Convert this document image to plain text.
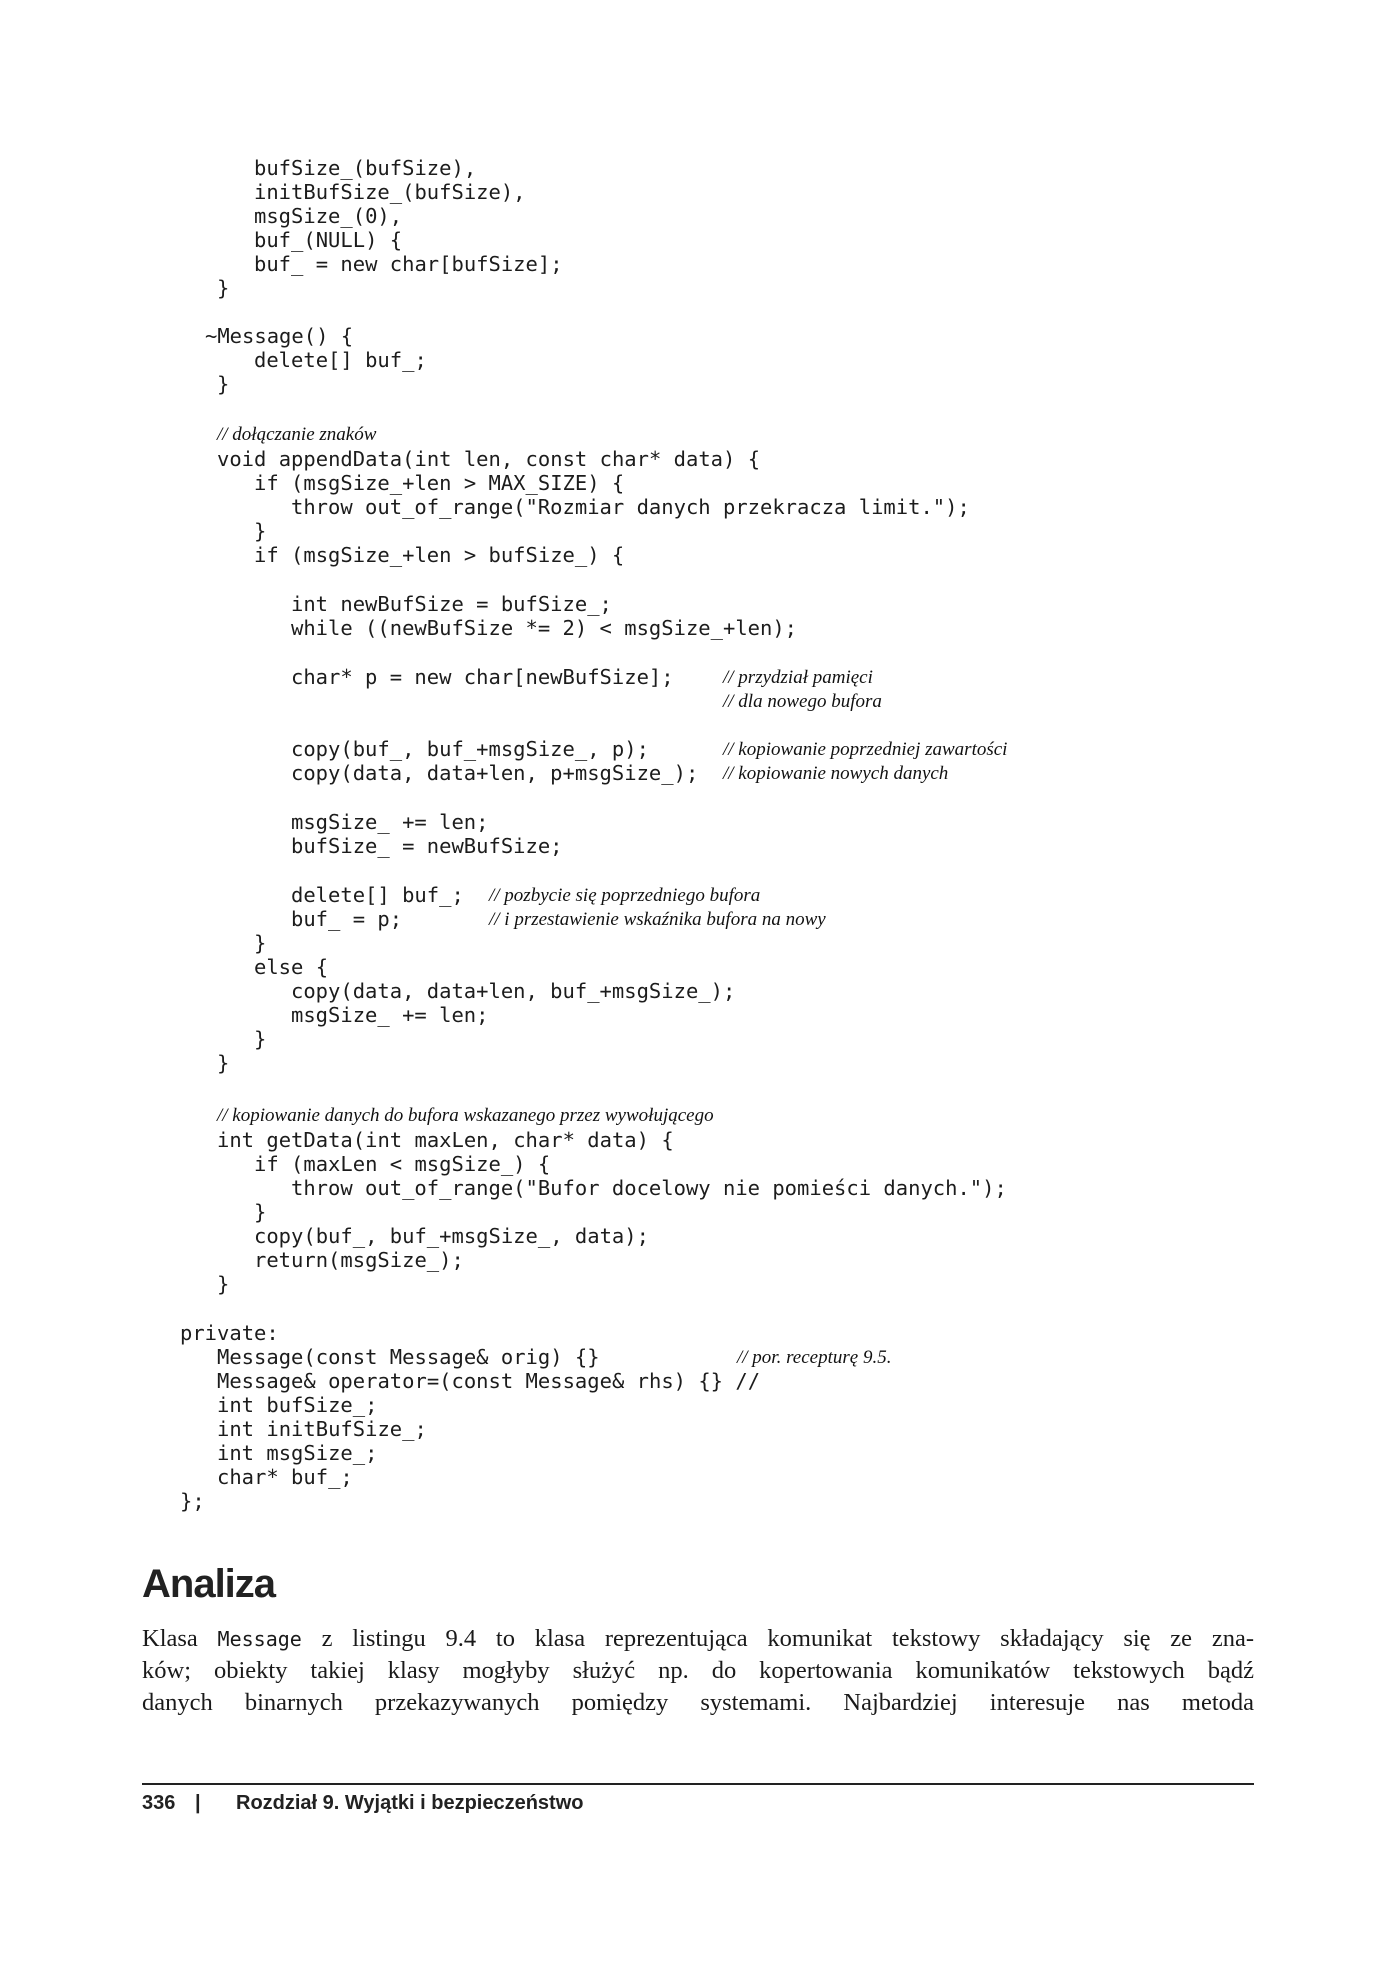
bufSize_(bufSize),
initBufSize_(bufSize),
msgSize_(0),
buf_(NULL) {
buf_ = new char[bufSize];
}
~Message() {
delete[] buf_;
}
// dołączanie znaków
void appendData(int len, const char* data) {
if (msgSize_+len > MAX_SIZE) {
throw out_of_range("Rozmiar danych przekracza limit.");
}
if (msgSize_+len > bufSize_) {
int newBufSize = bufSize_;
while ((newBufSize *= 2) < msgSize_+len);
char* p = new char[newBufSize];	// przydział pamięci
// dla nowego bufora
copy(buf_, buf_+msgSize_, p);	// kopiowanie poprzedniej zawartości
copy(data, data+len, p+msgSize_); // kopiowanie nowych danych
msgSize_ += len;
bufSize_ = newBufSize;
delete[] buf_; // pozbycie się poprzedniego bufora
buf_ = p;	// i przestawienie wskaźnika bufora na nowy
}
else {
copy(data, data+len, buf_+msgSize_);
msgSize_ += len;
}
}
// kopiowanie danych do bufora wskazanego przez wywołującego
int getData(int maxLen, char* data) {
if (maxLen < msgSize_) {
throw out_of_range("Bufor docelowy nie pomieści danych.");
}
copy(buf_, buf_+msgSize_, data);
return(msgSize_);
}
private:
Message(const Message& orig) {}	// por. recepturę 9.5.
Message& operator=(const Message& rhs) {} //
int bufSize_;
int initBufSize_;
int msgSize_;
char* buf_;
};
Analiza

Klasa Message z listingu 9.4 to klasa reprezentująca komunikat tekstowy składający się ze zna-
ków; obiekty takiej klasy mogłyby służyć np. do kopertowania komunikatów tekstowych bądź
danych binarnych przekazywanych pomiędzy systemami. Najbardziej interesuje nas metoda

336 | Rozdział 9. Wyjątki i bezpieczeństwo
